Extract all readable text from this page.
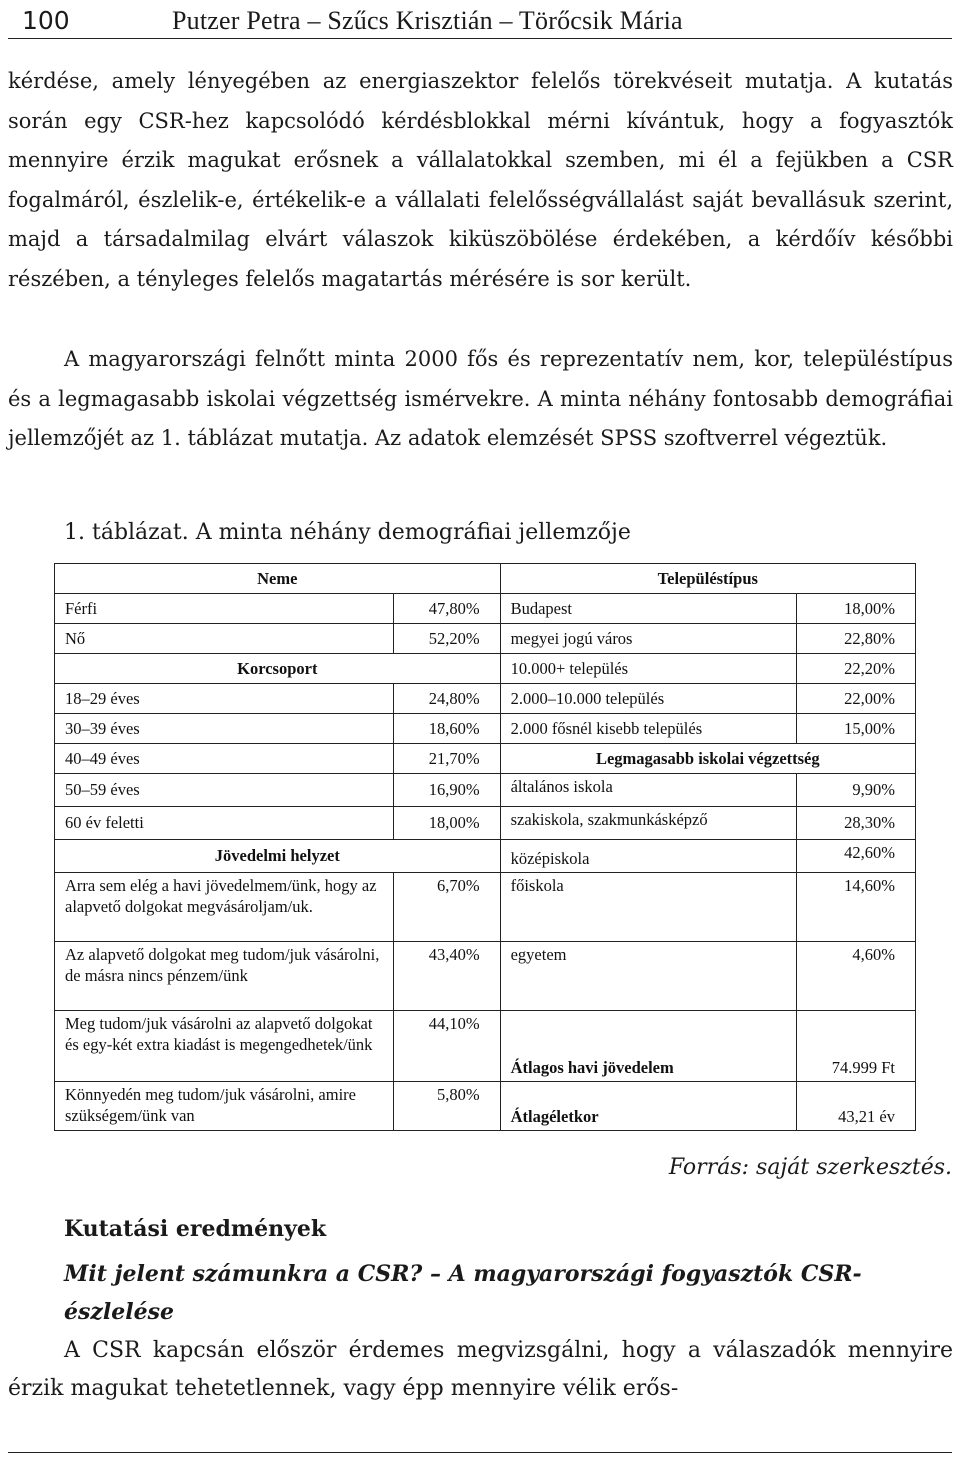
100	Putzer Petra – Szűcs Krisztián – Törőcsik Mária

kérdése, amely lényegében az energiaszektor felelős törekvéseit mutatja. A kutatás során egy CSR-hez kapcsolódó kérdésblokkal mérni kívántuk, hogy a fogyasztók mennyire érzik magukat erősnek a vállalatokkal szemben, mi él a fejükben a CSR fogalmáról, észlelik-e, értékelik-e a vállalati felelősségvállalást saját bevallásuk szerint, majd a társadalmilag elvárt válaszok kiküszöbölése érdekében, a kérdőív későbbi részében, a tényleges felelős magatartás mérésére is sor került.

A magyarországi felnőtt minta 2000 fős és reprezentatív nem, kor, településtípus és a legmagasabb iskolai végzettség ismérvekre. A minta néhány fontosabb demográfiai jellemzőjét az 1. táblázat mutatja. Az adatok elemzését SPSS szoftverrel végeztük.

1. táblázat. A minta néhány demográfiai jellemzője
Neme		Településtípus	
Férfi	47,80%	Budapest	18,00%
Nő	52,20%	megyei jogú város	22,80%
Korcsoport		10.000+ település	22,20%
18–29 éves	24,80%	2.000–10.000 település	22,00%
30–39 éves	18,60%	2.000 fősnél kisebb település	15,00%
40–49 éves	21,70%	Legmagasabb iskolai végzettség	
50–59 éves	16,90%	általános iskola	9,90%
60 év feletti	18,00%	szakiskola, szakmunkásképző	28,30%
Jövedelmi helyzet		középiskola	42,60%
Arra sem elég a havi jövedelmem/ünk, hogy az alapvető dolgokat megvásároljam/uk.	6,70%	főiskola	14,60%
Az alapvető dolgokat meg tudom/juk vásárolni, de másra nincs pénzem/ünk	43,40%	egyetem	4,60%
Meg tudom/juk vásárolni az alapvető dolgokat és egy-két extra kiadást is megengedhetek/ünk	44,10%	Átlagos havi jövedelem	74.999 Ft
Könnyedén meg tudom/juk vásárolni, amire szükségem/ünk van	5,80%	Átlagéletkor	43,21 év
Forrás: saját szerkesztés.
Kutatási eredmények
Mit jelent számunkra a CSR? – A magyarországi fogyasztók CSR-észlelése

A CSR kapcsán először érdemes megvizsgálni, hogy a válaszadók mennyire érzik magukat tehetetlennek, vagy épp mennyire vélik erős-
